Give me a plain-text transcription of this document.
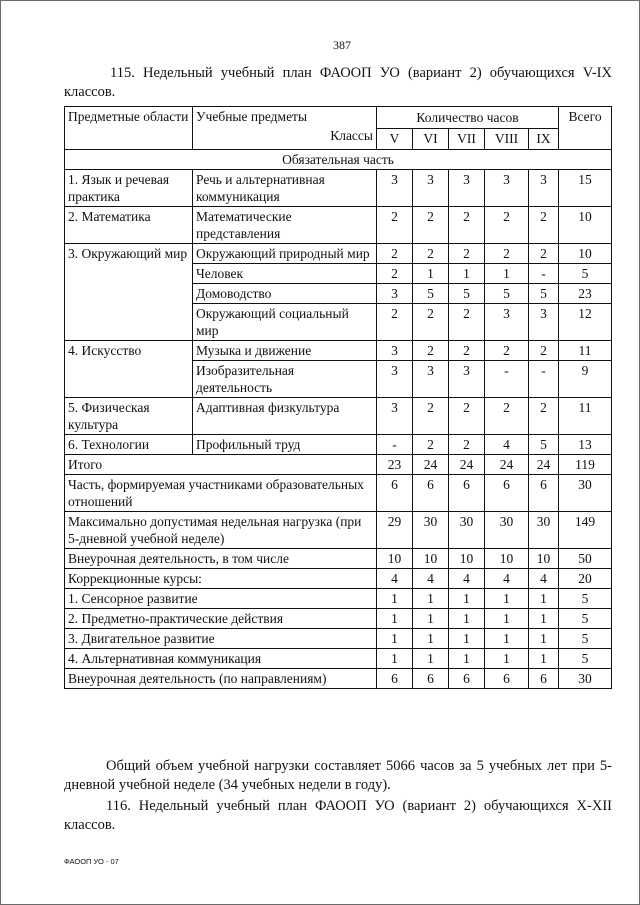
387
115. Недельный учебный план ФАООП УО (вариант 2) обучающихся V-IX классов.
Предметные области	Учебные предметы
Классы	Количество часов					Всего
		V	VI	VII	VIII	IX	
Обязательная часть							
1. Язык и речевая практика	Речь и альтернативная коммуникация	3	3	3	3	3	15
2. Математика	Математические представления	2	2	2	2	2	10
3. Окружающий мир	Окружающий природный мир	2	2	2	2	2	10
	Человек	2	1	1	1	-	5
	Домоводство	3	5	5	5	5	23
	Окружающий социальный мир	2	2	2	3	3	12
4. Искусство	Музыка и движение	3	2	2	2	2	11
	Изобразительная деятельность	3	3	3	-	-	9
5. Физическая культура	Адаптивная физкультура	3	2	2	2	2	11
6. Технологии	Профильный труд	-	2	2	4	5	13
Итого		23	24	24	24	24	119
Часть, формируемая участниками образовательных отношений		6	6	6	6	6	30
Максимально допустимая недельная нагрузка (при 5-дневной учебной неделе)		29	30	30	30	30	149
Внеурочная деятельность, в том числе		10	10	10	10	10	50
Коррекционные курсы:		4	4	4	4	4	20
1. Сенсорное развитие		1	1	1	1	1	5
2. Предметно-практические действия		1	1	1	1	1	5
3. Двигательное развитие		1	1	1	1	1	5
4. Альтернативная коммуникация		1	1	1	1	1	5
Внеурочная деятельность (по направлениям)		6	6	6	6	6	30
Общий объем учебной нагрузки составляет 5066 часов за 5 учебных лет при 5-дневной учебной неделе (34 учебных недели в году).
116. Недельный учебный план ФАООП УО (вариант 2) обучающихся X-XII классов.
ФАООП УО - 07
